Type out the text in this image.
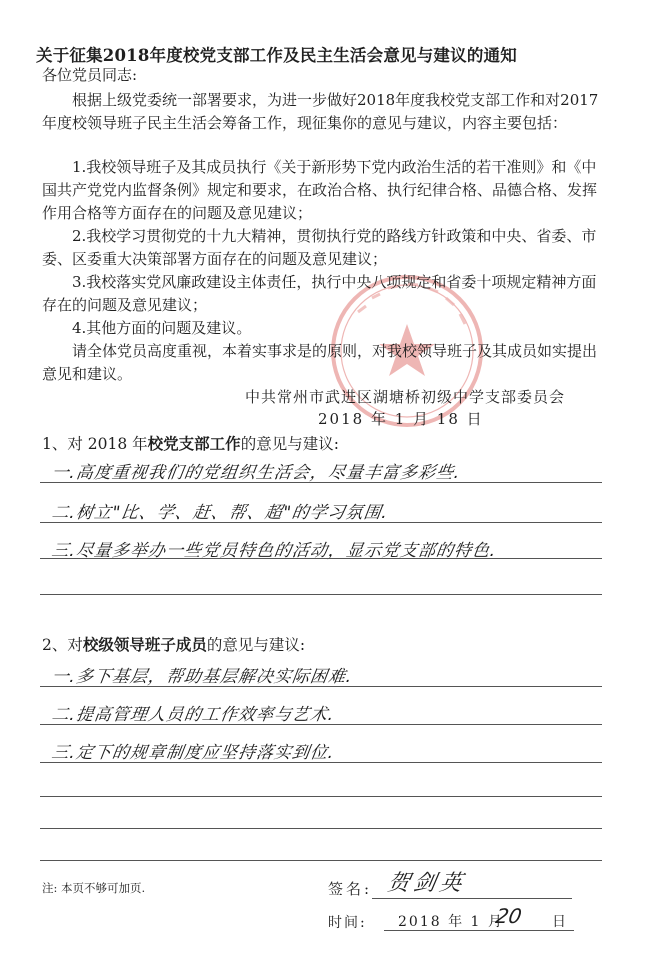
关于征集2018年度校党支部工作及民主生活会意见与建议的通知
各位党员同志:
根据上级党委统一部署要求，为进一步做好2018年度我校党支部工作和对2017年度校领导班子民主生活会筹备工作，现征集你的意见与建议，内容主要包括：
1.我校领导班子及其成员执行《关于新形势下党内政治生活的若干准则》和《中国共产党党内监督条例》规定和要求，在政治合格、执行纪律合格、品德合格、发挥作用合格等方面存在的问题及意见建议；
2.我校学习贯彻党的十九大精神，贯彻执行党的路线方针政策和中央、省委、市委、区委重大决策部署方面存在的问题及意见建议；
3.我校落实党风廉政建设主体责任，执行中央八项规定和省委十项规定精神方面存在的问题及意见建议；
4.其他方面的问题及建议。
请全体党员高度重视，本着实事求是的原则，对我校领导班子及其成员如实提出意见和建议。
中共常州市武进区湖塘桥初级中学支部委员会
2018 年 1 月 18 日
1、对 2018 年校党支部工作的意见与建议:
一.高度重视我们的党组织生活会，尽量丰富多彩些.
二.树立"比、学、赶、帮、超"的学习氛围.
三.尽量多举办一些党员特色的活动，显示党支部的特色.
2、对校级领导班子成员的意见与建议:
一.多下基层，帮助基层解决实际困难.
二.提高管理人员的工作效率与艺术.
三.定下的规章制度应坚持落实到位.
注: 本页不够可加页.	签名: 贺剑英
时间: 2018 年 1 月
20 日
